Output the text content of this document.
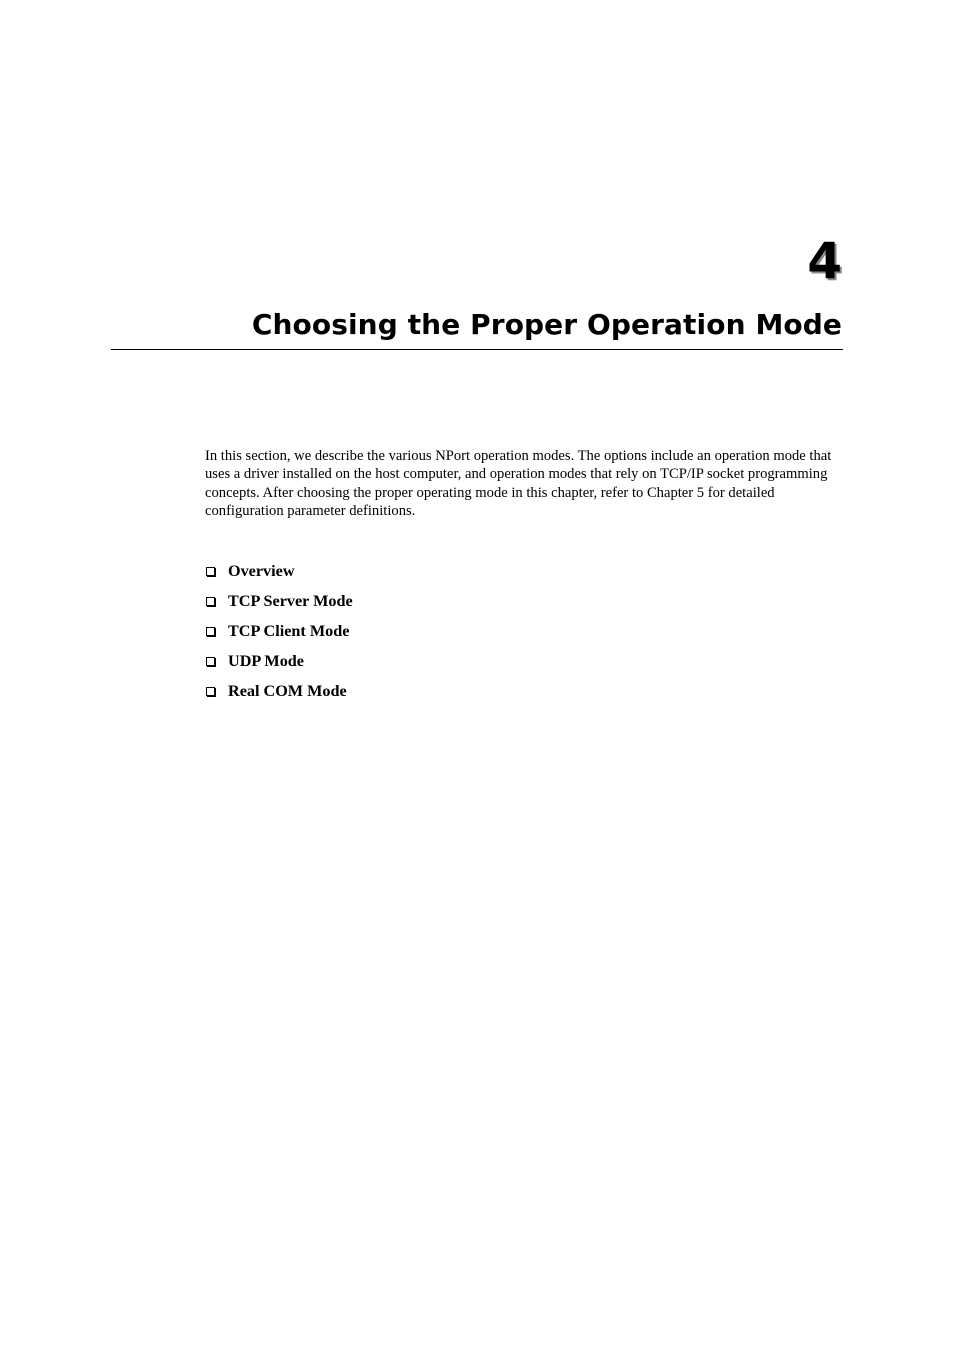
4
Choosing the Proper Operation Mode

In this section, we describe the various NPort operation modes. The options include an operation mode that uses a driver installed on the host computer, and operation modes that rely on TCP/IP socket programming concepts. After choosing the proper operating mode in this chapter, refer to Chapter 5 for detailed configuration parameter definitions.

Overview
TCP Server Mode
TCP Client Mode
UDP Mode
Real COM Mode
